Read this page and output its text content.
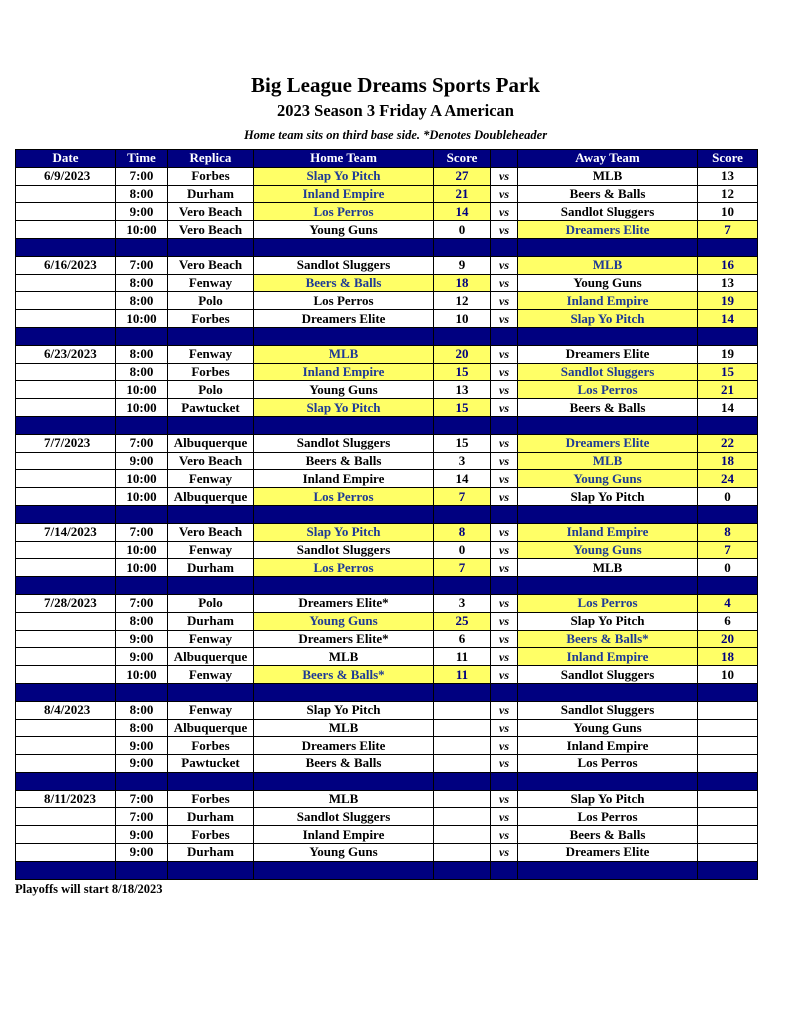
Big League Dreams Sports Park
2023 Season 3 Friday A American
Home team sits on third base side. *Denotes Doubleheader
Date	Time	Replica	Home Team	Score		Away Team	Score
6/9/2023	7:00	Forbes	Slap Yo Pitch	27	vs	MLB	13
	8:00	Durham	Inland Empire	21	vs	Beers & Balls	12
	9:00	Vero Beach	Los Perros	14	vs	Sandlot Sluggers	10
	10:00	Vero Beach	Young Guns	0	vs	Dreamers Elite	7

6/16/2023	7:00	Vero Beach	Sandlot Sluggers	9	vs	MLB	16
	8:00	Fenway	Beers & Balls	18	vs	Young Guns	13
	8:00	Polo	Los Perros	12	vs	Inland Empire	19
	10:00	Forbes	Dreamers Elite	10	vs	Slap Yo Pitch	14

6/23/2023	8:00	Fenway	MLB	20	vs	Dreamers Elite	19
	8:00	Forbes	Inland Empire	15	vs	Sandlot Sluggers	15
	10:00	Polo	Young Guns	13	vs	Los Perros	21
	10:00	Pawtucket	Slap Yo Pitch	15	vs	Beers & Balls	14

7/7/2023	7:00	Albuquerque	Sandlot Sluggers	15	vs	Dreamers Elite	22
	9:00	Vero Beach	Beers & Balls	3	vs	MLB	18
	10:00	Fenway	Inland Empire	14	vs	Young Guns	24
	10:00	Albuquerque	Los Perros	7	vs	Slap Yo Pitch	0

7/14/2023	7:00	Vero Beach	Slap Yo Pitch	8	vs	Inland Empire	8
	10:00	Fenway	Sandlot Sluggers	0	vs	Young Guns	7
	10:00	Durham	Los Perros	7	vs	MLB	0

7/28/2023	7:00	Polo	Dreamers Elite*	3	vs	Los Perros	4
	8:00	Durham	Young Guns	25	vs	Slap Yo Pitch	6
	9:00	Fenway	Dreamers Elite*	6	vs	Beers & Balls*	20
	9:00	Albuquerque	MLB	11	vs	Inland Empire	18
	10:00	Fenway	Beers & Balls*	11	vs	Sandlot Sluggers	10

8/4/2023	8:00	Fenway	Slap Yo Pitch		vs	Sandlot Sluggers	
	8:00	Albuquerque	MLB		vs	Young Guns	
	9:00	Forbes	Dreamers Elite		vs	Inland Empire	
	9:00	Pawtucket	Beers & Balls		vs	Los Perros	

8/11/2023	7:00	Forbes	MLB		vs	Slap Yo Pitch	
	7:00	Durham	Sandlot Sluggers		vs	Los Perros	
	9:00	Forbes	Inland Empire		vs	Beers & Balls	
	9:00	Durham	Young Guns		vs	Dreamers Elite	

Playoffs will start 8/18/2023
